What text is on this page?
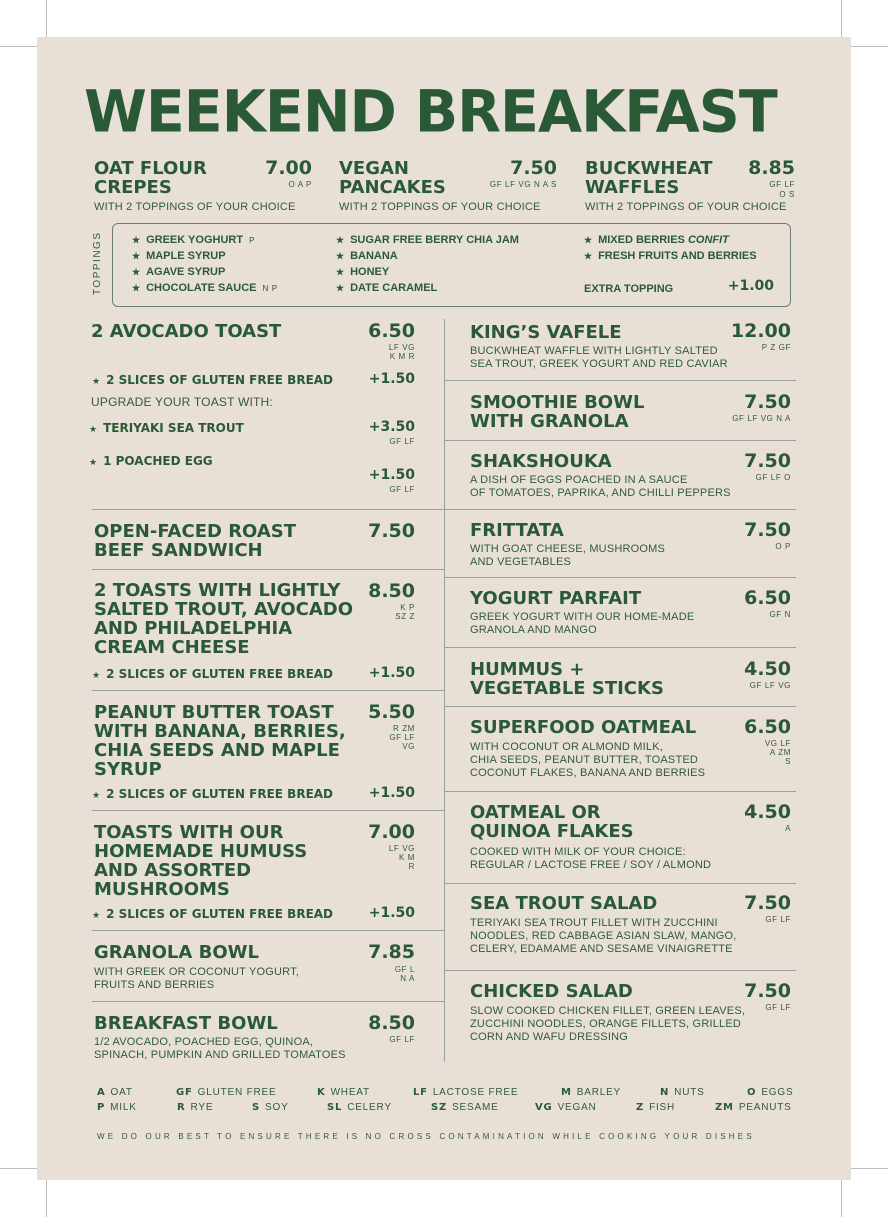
WEEKEND BREAKFAST
OAT FLOUR
CREPES
7.00
O A P
WITH 2 TOPPINGS OF YOUR CHOICE
VEGAN
PANCAKES
7.50
GF LF VG N A S
WITH 2 TOPPINGS OF YOUR CHOICE
BUCKWHEAT
WAFFLES
8.85
GF LF
O S
WITH 2 TOPPINGS OF YOUR CHOICE
TOPPINGS	★ GREEK YOGHURT P
★ MAPLE SYRUP
★ AGAVE SYRUP
★ CHOCOLATE SAUCE N P
★ SUGAR FREE BERRY CHIA JAM
★ BANANA
★ HONEY
★ DATE CARAMEL
★ MIXED BERRIES CONFIT
★ FRESH FRUITS AND BERRIES
EXTRA TOPPING	+1.00
2 AVOCADO TOAST	6.50
LF VG
K M R
★ 2 SLICES OF GLUTEN FREE BREAD	+1.50
UPGRADE YOUR TOAST WITH:
★ TERIYAKI SEA TROUT	+3.50
GF LF
★ 1 POACHED EGG
+1.50
GF LF
OPEN-FACED ROAST
BEEF SANDWICH
7.50
2 TOASTS WITH LIGHTLY
SALTED TROUT, AVOCADO
AND PHILADELPHIA
CREAM CHEESE
8.50
K P
SZ Z
★ 2 SLICES OF GLUTEN FREE BREAD	+1.50
PEANUT BUTTER TOAST
WITH BANANA, BERRIES,
CHIA SEEDS AND MAPLE
SYRUP
5.50
R ZM
GF LF
VG
★ 2 SLICES OF GLUTEN FREE BREAD	+1.50
TOASTS WITH OUR
HOMEMADE HUMUSS
AND ASSORTED
MUSHROOMS
7.00
LF VG
K M
R
★ 2 SLICES OF GLUTEN FREE BREAD	+1.50
GRANOLA BOWL	7.85
GF L
N A
WITH GREEK OR COCONUT YOGURT,
FRUITS AND BERRIES
BREAKFAST BOWL	8.50
GF LF
1/2 AVOCADO, POACHED EGG, QUINOA,
SPINACH, PUMPKIN AND GRILLED TOMATOES
KING’S VAFELE	12.00
P Z GF
BUCKWHEAT WAFFLE WITH LIGHTLY SALTED
SEA TROUT, GREEK YOGURT AND RED CAVIAR
SMOOTHIE BOWL
WITH GRANOLA
7.50
GF LF VG N A
SHAKSHOUKA	7.50
GF LF O
A DISH OF EGGS POACHED IN A SAUCE
OF TOMATOES, PAPRIKA, AND CHILLI PEPPERS
FRITTATA	7.50
O P
WITH GOAT CHEESE, MUSHROOMS
AND VEGETABLES
YOGURT PARFAIT	6.50
GF N
GREEK YOGURT WITH OUR HOME-MADE
GRANOLA AND MANGO
HUMMUS +
VEGETABLE STICKS
4.50
GF LF VG
SUPERFOOD OATMEAL	6.50
VG LF
A ZM
S
WITH COCONUT OR ALMOND MILK,
CHIA SEEDS, PEANUT BUTTER, TOASTED
COCONUT FLAKES, BANANA AND BERRIES
OATMEAL OR
QUINOA FLAKES
4.50
A
COOKED WITH MILK OF YOUR CHOICE:
REGULAR / LACTOSE FREE / SOY / ALMOND
SEA TROUT SALAD	7.50
GF LF
TERIYAKI SEA TROUT FILLET WITH ZUCCHINI
NOODLES, RED CABBAGE ASIAN SLAW, MANGO,
CELERY, EDAMAME AND SESAME VINAIGRETTE
CHICKED SALAD	7.50
GF LF
SLOW COOKED CHICKEN FILLET, GREEN LEAVES,
ZUCCHINI NOODLES, ORANGE FILLETS, GRILLED
CORN AND WAFU DRESSING
A OAT	GF GLUTEN FREE	K WHEAT	LF LACTOSE FREE	M BARLEY	N NUTS	O EGGS
P MILK	R RYE	S SOY	SL CELERY	SZ SESAME	VG VEGAN	Z FISH	ZM PEANUTS
WE DO OUR BEST TO ENSURE THERE IS NO CROSS CONTAMINATION WHILE COOKING YOUR DISHES
